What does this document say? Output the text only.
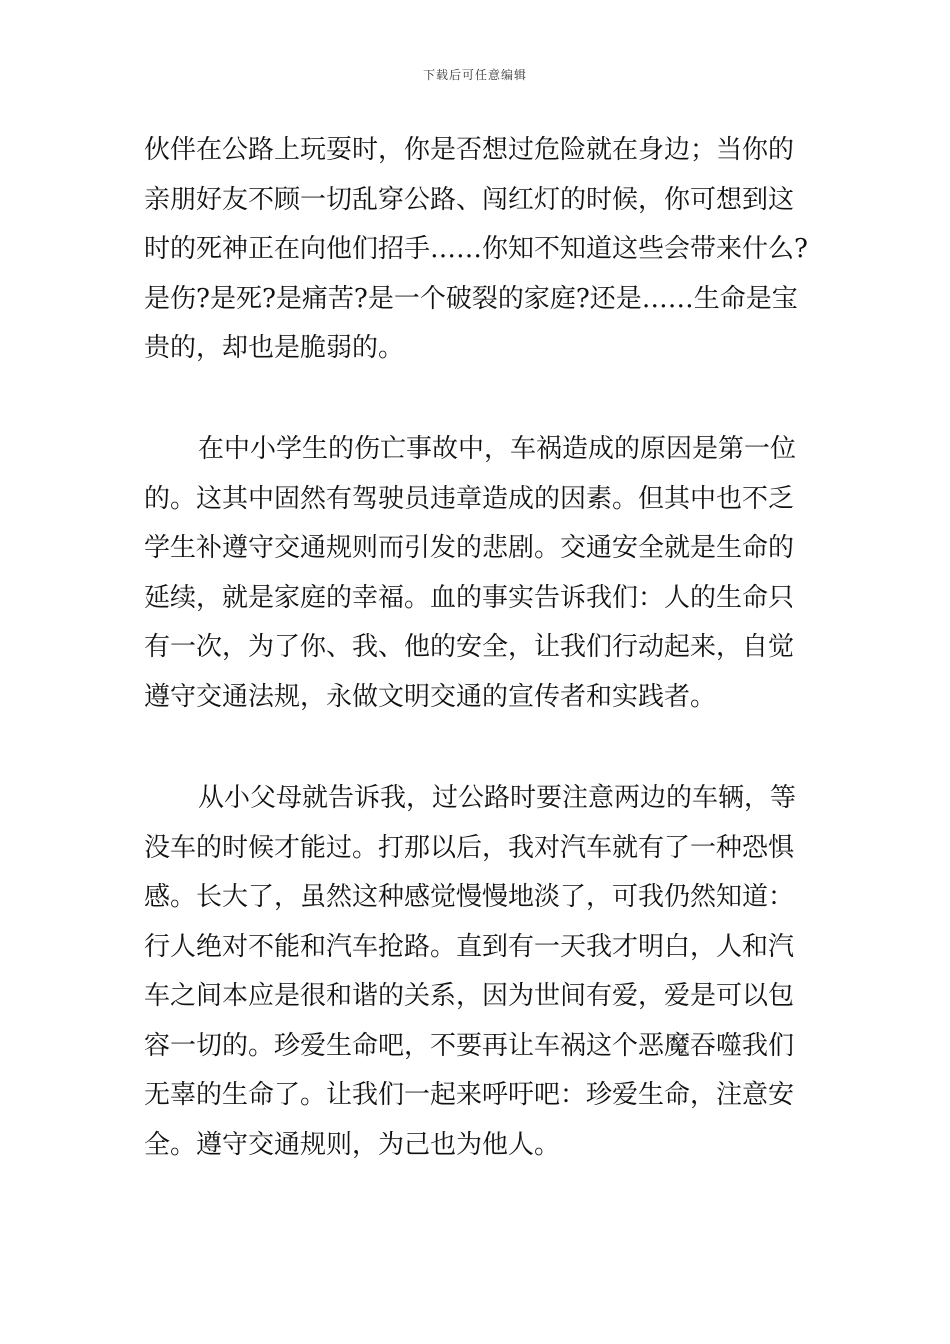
下载后可任意编辑
伙伴在公路上玩耍时，你是否想过危险就在身边；当你的
亲朋好友不顾一切乱穿公路、闯红灯的时候，你可想到这
时的死神正在向他们招手……你知不知道这些会带来什么?
是伤?是死?是痛苦?是一个破裂的家庭?还是……生命是宝
贵的，却也是脆弱的。
在中小学生的伤亡事故中，车祸造成的原因是第一位
的。这其中固然有驾驶员违章造成的因素。但其中也不乏
学生补遵守交通规则而引发的悲剧。交通安全就是生命的
延续，就是家庭的幸福。血的事实告诉我们：人的生命只
有一次，为了你、我、他的安全，让我们行动起来，自觉
遵守交通法规，永做文明交通的宣传者和实践者。
从小父母就告诉我，过公路时要注意两边的车辆，等
没车的时候才能过。打那以后，我对汽车就有了一种恐惧
感。长大了，虽然这种感觉慢慢地淡了，可我仍然知道：
行人绝对不能和汽车抢路。直到有一天我才明白，人和汽
车之间本应是很和谐的关系，因为世间有爱，爱是可以包
容一切的。珍爱生命吧，不要再让车祸这个恶魔吞噬我们
无辜的生命了。让我们一起来呼吁吧：珍爱生命，注意安
全。遵守交通规则，为己也为他人。
